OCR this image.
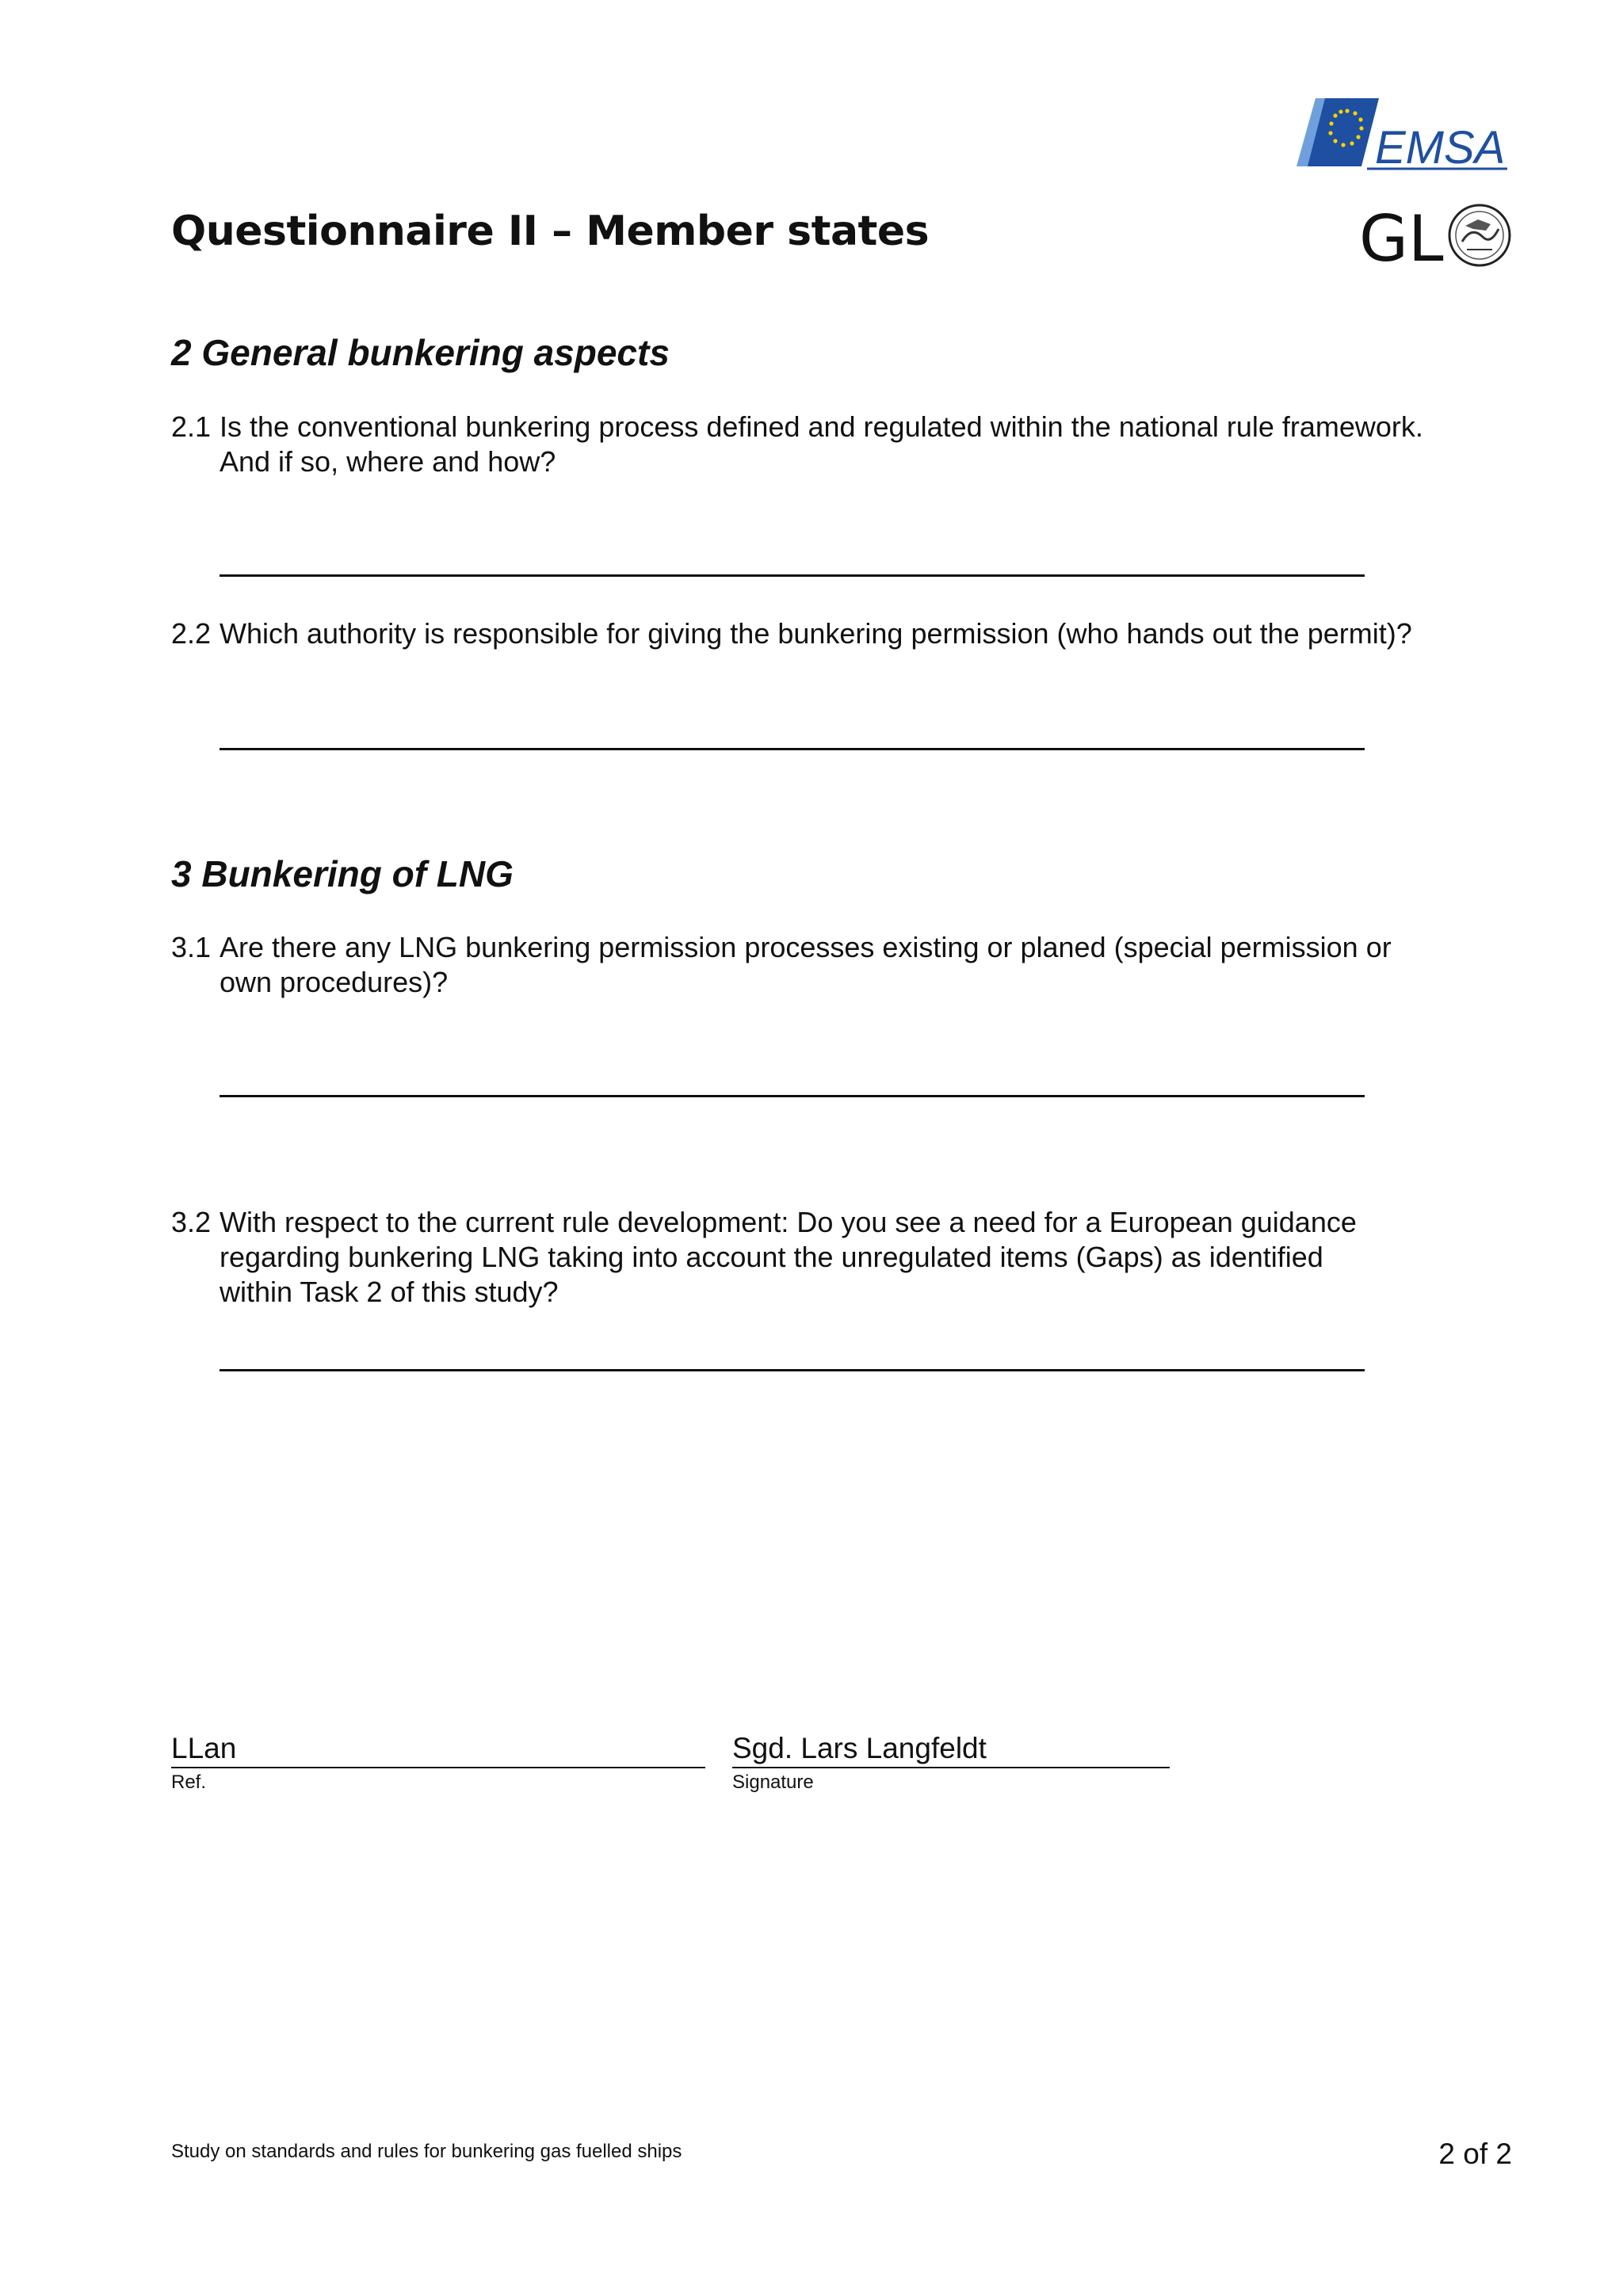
EMSA
GL
Questionnaire II – Member states
2 General bunkering aspects
2.1 Is the conventional bunkering process defined and regulated within the national rule framework. And if so, where and how?
2.2 Which authority is responsible for giving the bunkering permission (who hands out the permit)?
3 Bunkering of LNG
3.1 Are there any LNG bunkering permission processes existing or planed (special permission or own procedures)?
3.2 With respect to the current rule development: Do you see a need for a European guidance regarding bunkering LNG taking into account the unregulated items (Gaps) as identified within Task 2 of this study?
LLan
Ref.
Sgd. Lars Langfeldt
Signature
Study on standards and rules for bunkering gas fuelled ships	2 of 2
